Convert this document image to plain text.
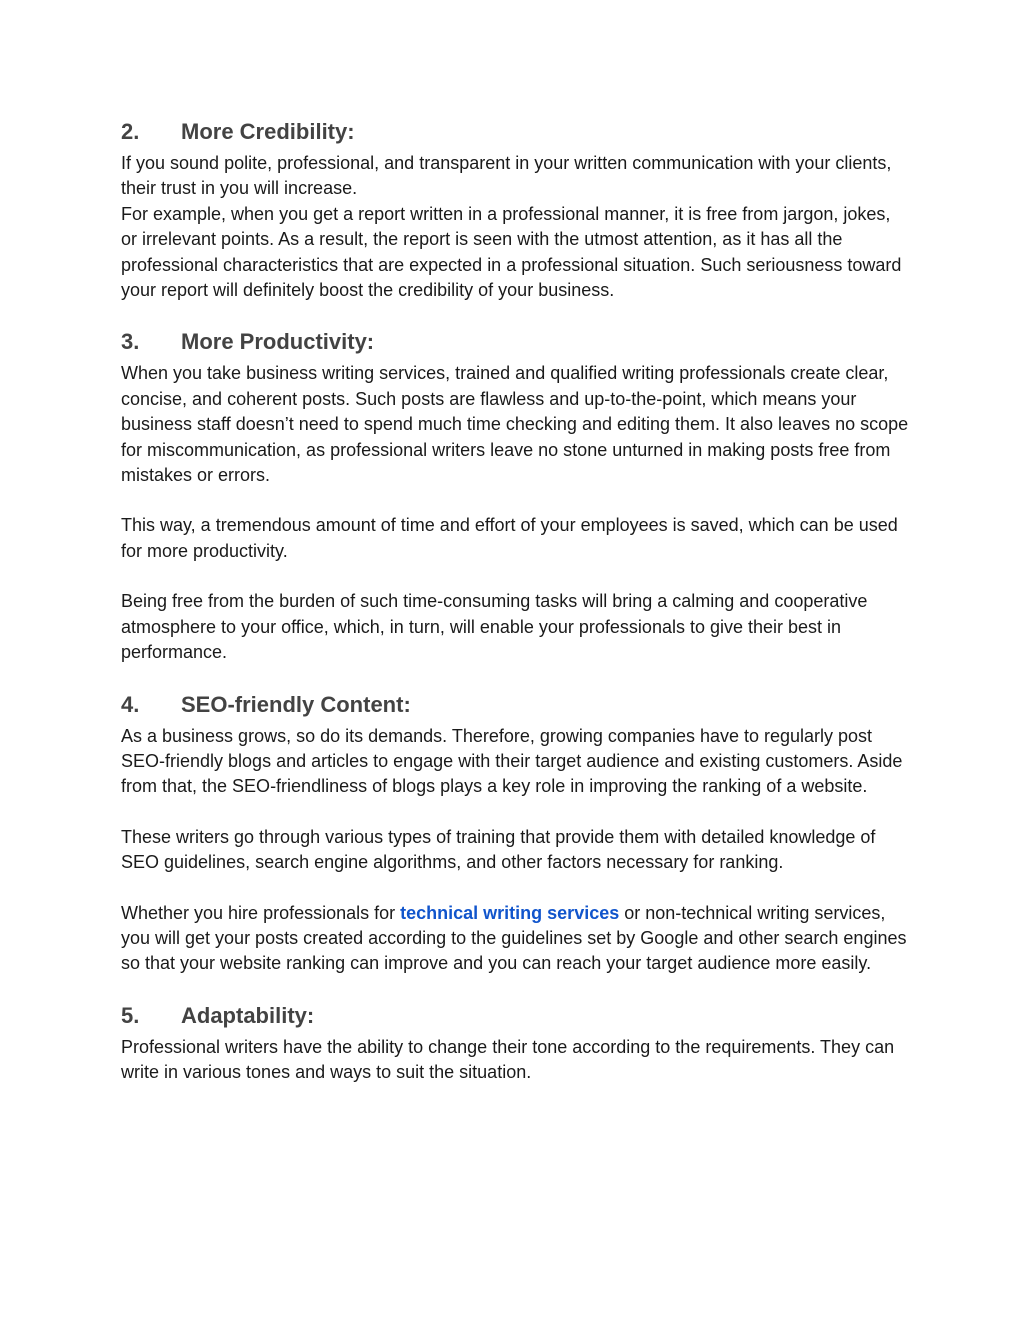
2.	More Credibility:

If you sound polite, professional, and transparent in your written communication with your clients, their trust in you will increase.

For example, when you get a report written in a professional manner, it is free from jargon, jokes, or irrelevant points. As a result, the report is seen with the utmost attention, as it has all the professional characteristics that are expected in a professional situation. Such seriousness toward your report will definitely boost the credibility of your business.

3.	More Productivity:

When you take business writing services, trained and qualified writing professionals create clear, concise, and coherent posts. Such posts are flawless and up-to-the-point, which means your business staff doesn’t need to spend much time checking and editing them. It also leaves no scope for miscommunication, as professional writers leave no stone unturned in making posts free from mistakes or errors.

This way, a tremendous amount of time and effort of your employees is saved, which can be used for more productivity.

Being free from the burden of such time-consuming tasks will bring a calming and cooperative atmosphere to your office, which, in turn, will enable your professionals to give their best in performance.

4.	SEO-friendly Content:

As a business grows, so do its demands. Therefore, growing companies have to regularly post SEO-friendly blogs and articles to engage with their target audience and existing customers. Aside from that, the SEO-friendliness of blogs plays a key role in improving the ranking of a website.

These writers go through various types of training that provide them with detailed knowledge of SEO guidelines, search engine algorithms, and other factors necessary for ranking.

Whether you hire professionals for technical writing services or non-technical writing services, you will get your posts created according to the guidelines set by Google and other search engines so that your website ranking can improve and you can reach your target audience more easily.

5.	Adaptability:

Professional writers have the ability to change their tone according to the requirements. They can write in various tones and ways to suit the situation.
